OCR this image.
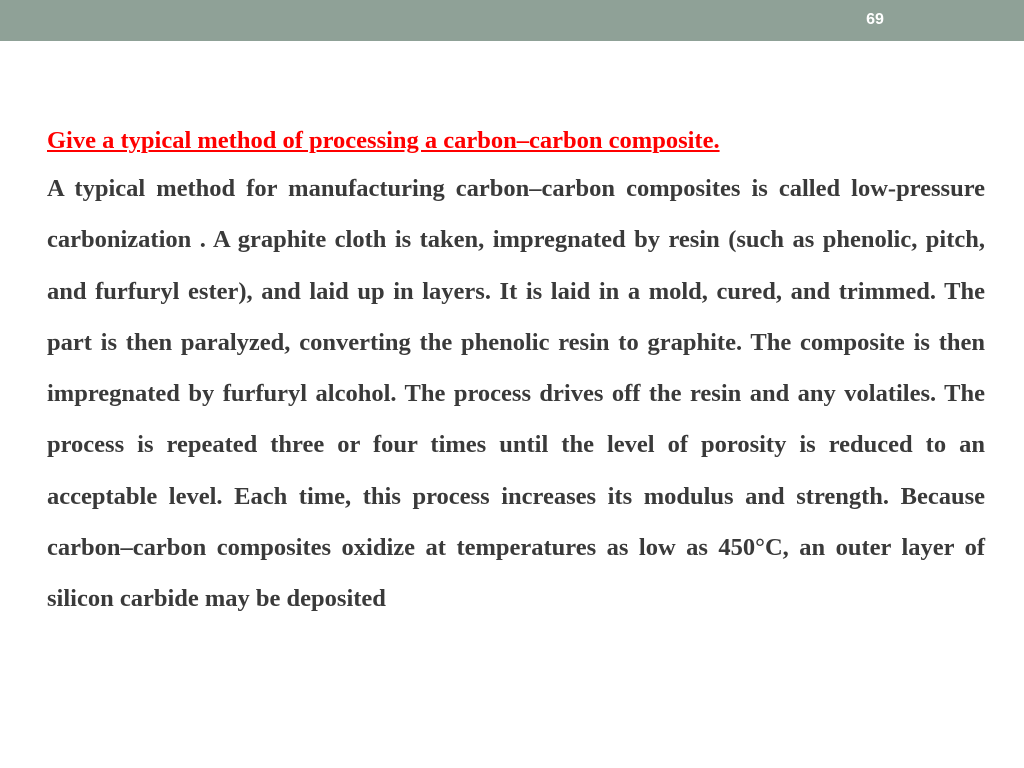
69

Give a typical method of processing a carbon–carbon composite.

A typical method for manufacturing carbon–carbon composites is called low-pressure carbonization . A graphite cloth is taken, impregnated by resin (such as phenolic, pitch, and furfuryl ester), and laid up in layers. It is laid in a mold, cured, and trimmed. The part is then paralyzed, converting the phenolic resin to graphite. The composite is then impregnated by furfuryl alcohol. The process drives off the resin and any volatiles. The process is repeated three or four times until the level of porosity is reduced to an acceptable level. Each time, this process increases its modulus and strength. Because carbon–carbon composites oxidize at temperatures as low as 450°C, an outer layer of silicon carbide may be deposited
